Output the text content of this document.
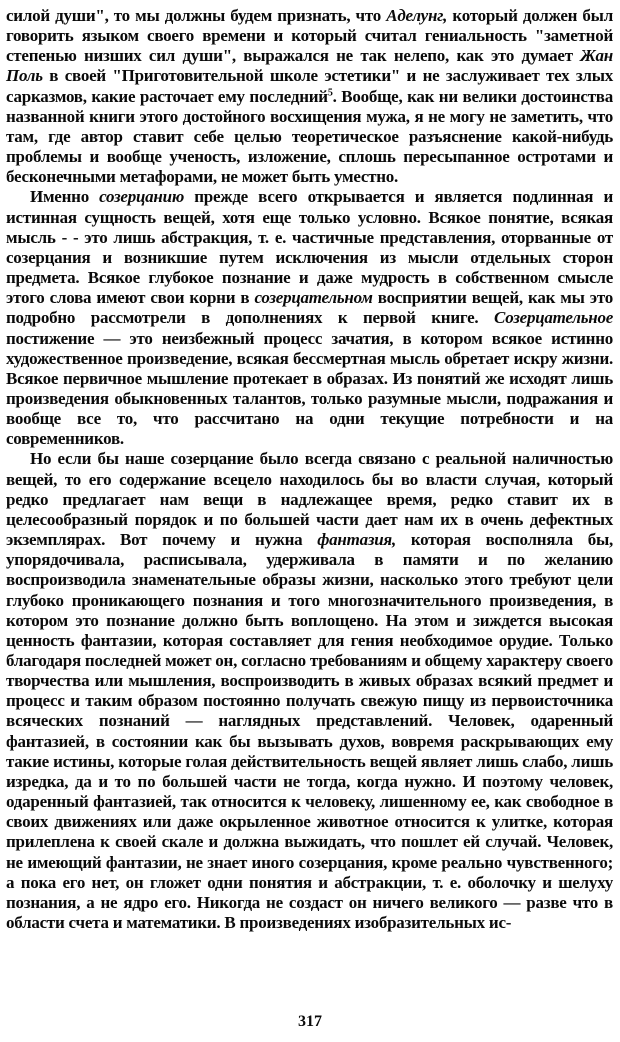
силой души", то мы должны будем признать, что Аделунг, который должен был говорить языком своего времени и который считал гениальность "заметной степенью низших сил души", выражался не так нелепо, как это думает Жан Поль в своей "Приготовительной школе эстетики" и не заслуживает тех злых сарказмов, какие расточает ему последний$^5$. Вообще, как ни велики достоинства названной книги этого достойного восхищения мужа, я не могу не заметить, что там, где автор ставит себе целью теоретическое разъяснение какой-нибудь проблемы и вообще ученость, изложение, сплошь пересыпанное остротами и бесконечными метафорами, не может быть уместно.

Именно созерцанию прежде всего открывается и является подлинная и истинная сущность вещей, хотя еще только условно. Всякое понятие, всякая мысль - - это лишь абстракция, т. е. частичные представления, оторванные от созерцания и возникшие путем исключения из мысли отдельных сторон предмета. Всякое глубокое познание и даже мудрость в собственном смысле этого слова имеют свои корни в созерцательном восприятии вещей, как мы это подробно рассмотрели в дополнениях к первой книге. Созерцательное постижение — это неизбежный процесс зачатия, в котором всякое истинно художественное произведение, всякая бессмертная мысль обретает искру жизни. Всякое первичное мышление протекает в образах. Из понятий же исходят лишь произведения обыкновенных талантов, только разумные мысли, подражания и вообще все то, что рассчитано на одни текущие потребности и на современников.

Но если бы наше созерцание было всегда связано с реальной наличностью вещей, то его содержание всецело находилось бы во власти случая, который редко предлагает нам вещи в надлежащее время, редко ставит их в целесообразный порядок и по большей части дает нам их в очень дефектных экземплярах. Вот почему и нужна фантазия, которая восполняла бы, упорядочивала, расписывала, удерживала в памяти и по желанию воспроизводила знаменательные образы жизни, насколько этого требуют цели глубоко проникающего познания и того многозначительного произведения, в котором это познание должно быть воплощено. На этом и зиждется высокая ценность фантазии, которая составляет для гения необходимое орудие. Только благодаря последней может он, согласно требованиям и общему характеру своего творчества или мышления, воспроизводить в живых образах всякий предмет и процесс и таким образом постоянно получать свежую пищу из первоисточника всяческих познаний — наглядных представлений. Человек, одаренный фантазией, в состоянии как бы вызывать духов, вовремя раскрывающих ему такие истины, которые голая действительность вещей являет лишь слабо, лишь изредка, да и то по большей части не тогда, когда нужно. И поэтому человек, одаренный фантазией, так относится к человеку, лишенному ее, как свободное в своих движениях или даже окрыленное животное относится к улитке, которая прилеплена к своей скале и должна выжидать, что пошлет ей случай. Человек, не имеющий фантазии, не знает иного созерцания, кроме реально чувственного; а пока его нет, он гложет одни понятия и абстракции, т. е. оболочку и шелуху познания, а не ядро его. Никогда не создаст он ничего великого — разве что в области счета и математики. В произведениях изобразительных ис-

317
